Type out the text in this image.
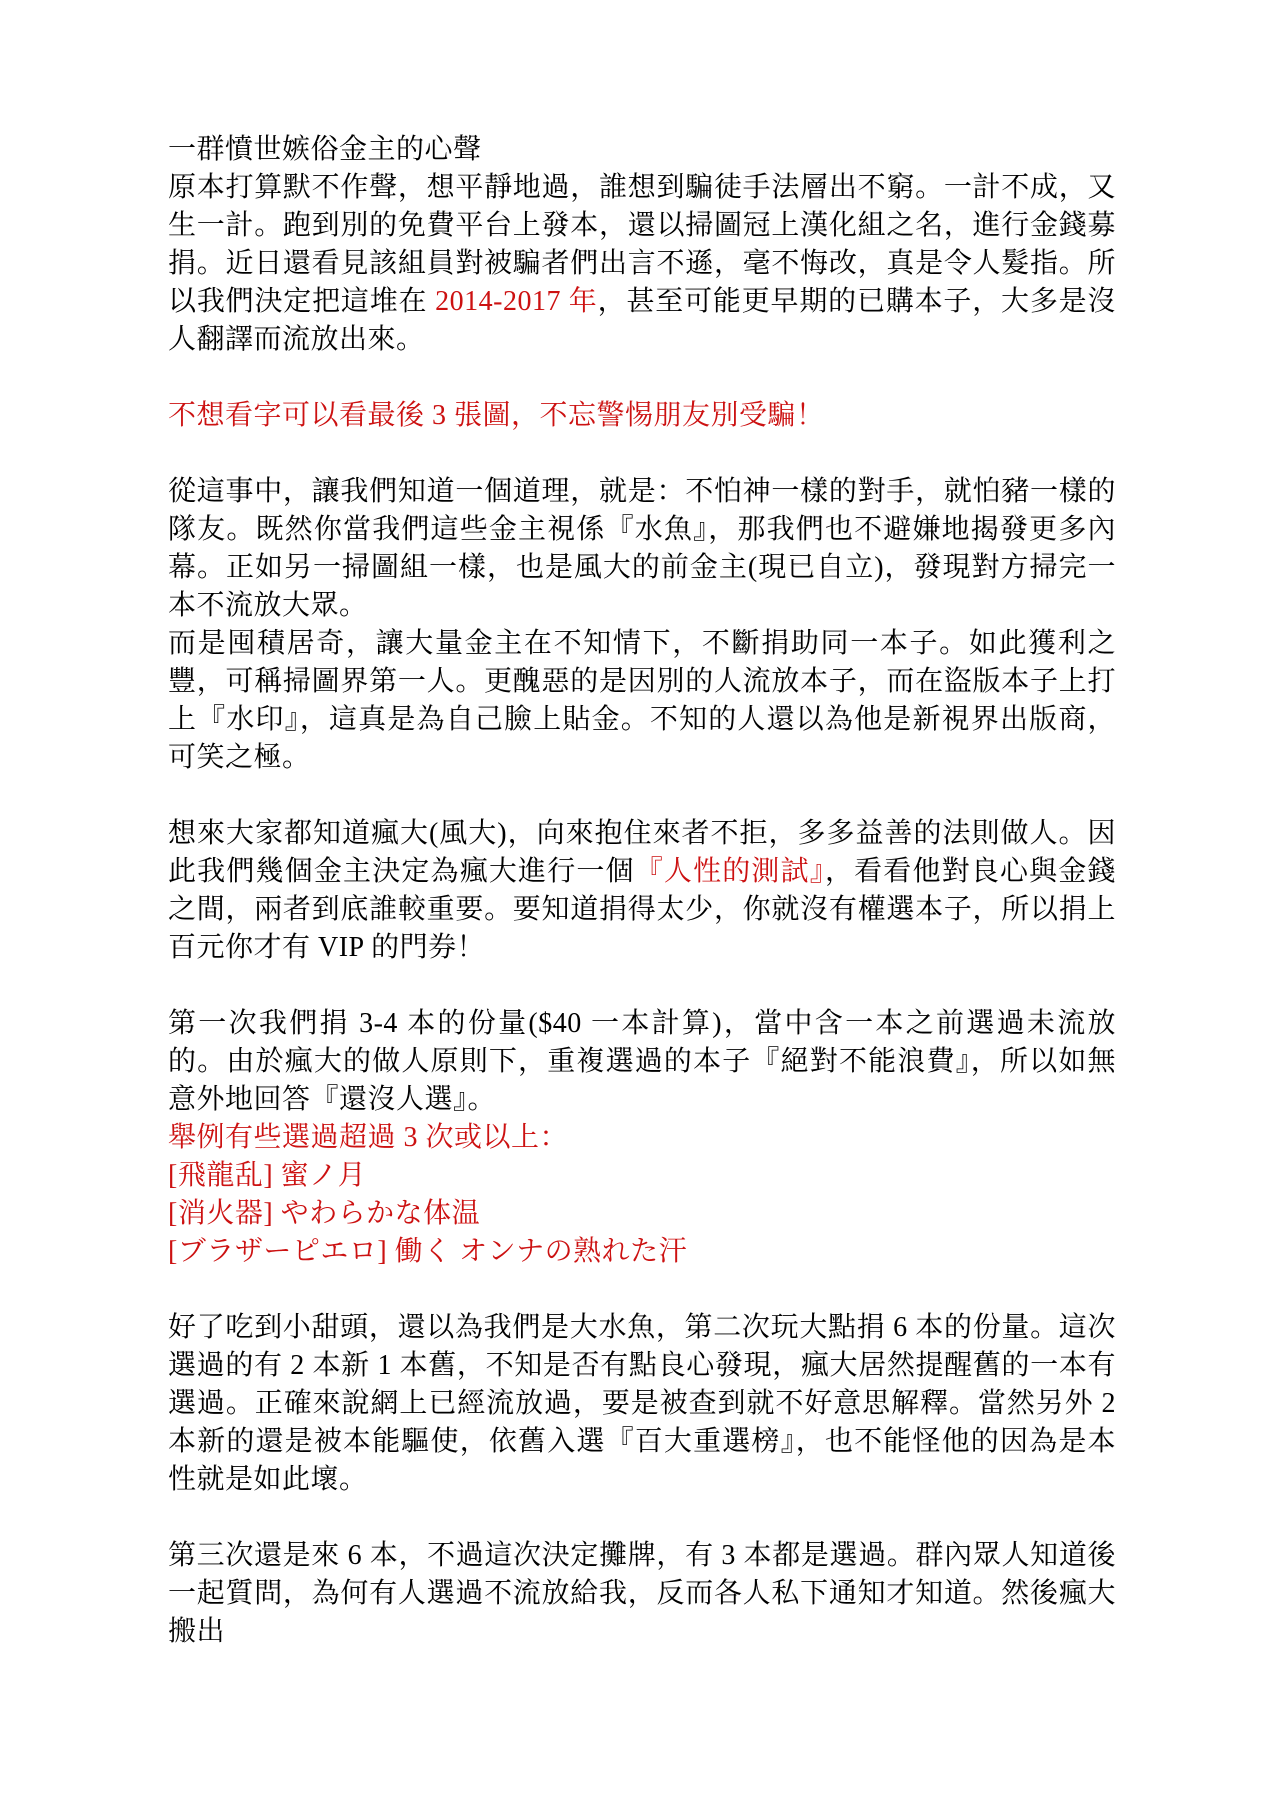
一群憤世嫉俗金主的心聲

原本打算默不作聲，想平靜地過，誰想到騙徒手法層出不窮。一計不成，又生一計。跑到別的免費平台上發本，還以掃圖冠上漢化組之名，進行金錢募捐。近日還看見該組員對被騙者們出言不遜，毫不悔改，真是令人髮指。所以我們決定把這堆在 2014-2017 年，甚至可能更早期的已購本子，大多是沒人翻譯而流放出來。

不想看字可以看最後 3 張圖，不忘警惕朋友別受騙！

從這事中，讓我們知道一個道理，就是：不怕神一樣的對手，就怕豬一樣的隊友。既然你當我們這些金主視係『水魚』，那我們也不避嫌地揭發更多內幕。正如另一掃圖組一樣，也是風大的前金主(現已自立)，發現對方掃完一本不流放大眾。

而是囤積居奇，讓大量金主在不知情下，不斷捐助同一本子。如此獲利之豐，可稱掃圖界第一人。更醜惡的是因別的人流放本子，而在盜版本子上打上『水印』，這真是為自己臉上貼金。不知的人還以為他是新視界出版商，可笑之極。

想來大家都知道瘋大(風大)，向來抱住來者不拒，多多益善的法則做人。因此我們幾個金主決定為瘋大進行一個『人性的測試』，看看他對良心與金錢之間，兩者到底誰較重要。要知道捐得太少，你就沒有權選本子，所以捐上百元你才有 VIP 的門券！

第一次我們捐 3-4 本的份量($40 一本計算)，當中含一本之前選過未流放的。由於瘋大的做人原則下，重複選過的本子『絕對不能浪費』，所以如無意外地回答『還沒人選』。

舉例有些選過超過 3 次或以上：

[飛龍乱] 蜜ノ月

[消火器] やわらかな体温

[ブラザーピエロ] 働く オンナの熟れた汗

好了吃到小甜頭，還以為我們是大水魚，第二次玩大點捐 6 本的份量。這次選過的有 2 本新 1 本舊，不知是否有點良心發現，瘋大居然提醒舊的一本有選過。正確來說網上已經流放過，要是被查到就不好意思解釋。當然另外 2 本新的還是被本能驅使，依舊入選『百大重選榜』，也不能怪他的因為是本性就是如此壞。

第三次還是來 6 本，不過這次決定攤牌，有 3 本都是選過。群內眾人知道後一起質問，為何有人選過不流放給我，反而各人私下通知才知道。然後瘋大搬出
